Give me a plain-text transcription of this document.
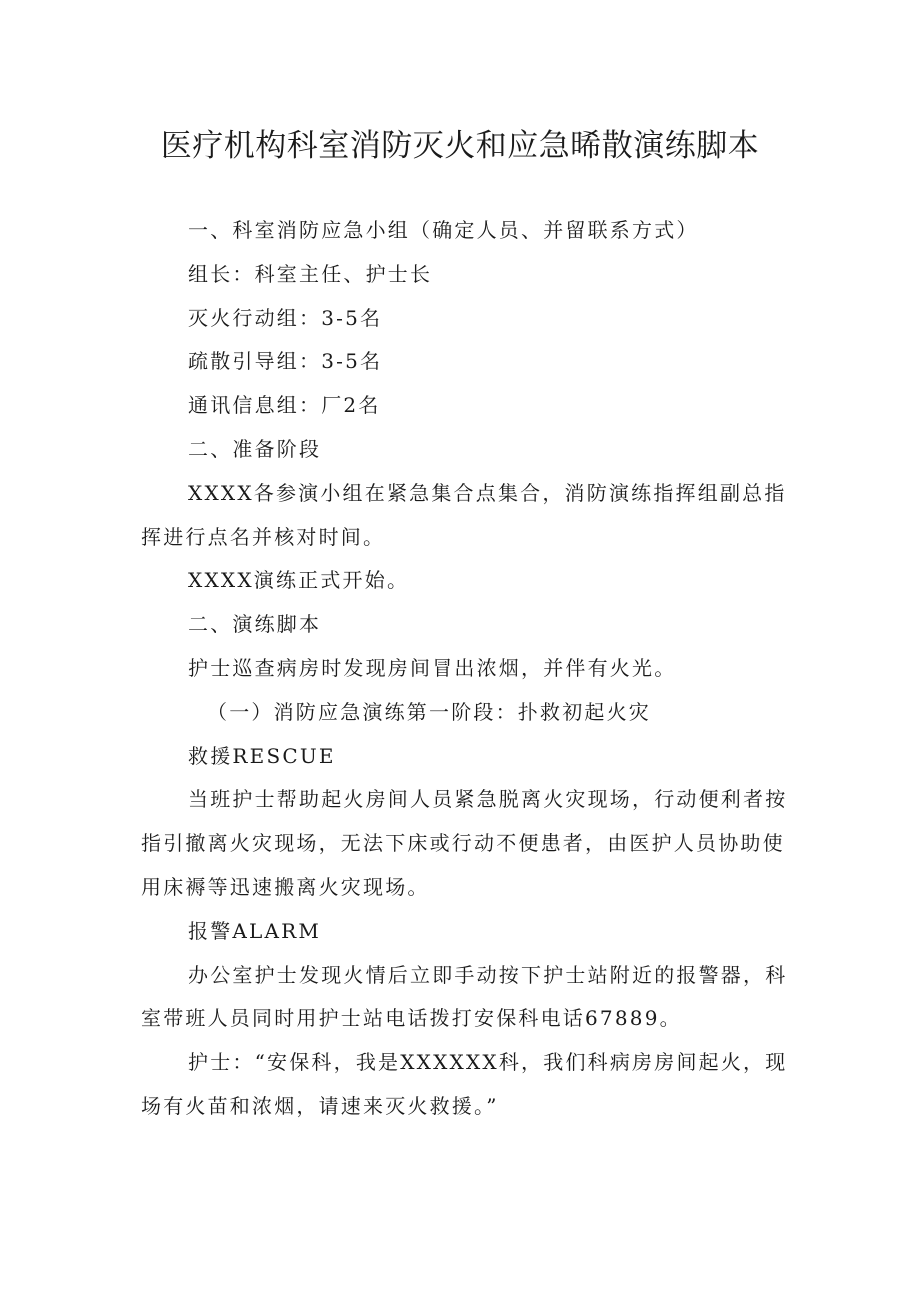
医疗机构科室消防灭火和应急晞散演练脚本

一、科室消防应急小组（确定人员、并留联系方式）

组长：科室主任、护士长

灭火行动组：3-5名

疏散引导组：3-5名

通讯信息组：厂2名

二、准备阶段

XXXX各参演小组在紧急集合点集合，消防演练指挥组副总指挥进行点名并核对时间。

XXXX演练正式开始。

二、演练脚本

护士巡查病房时发现房间冒出浓烟，并伴有火光。

（一）消防应急演练第一阶段：扑救初起火灾

救援RESCUE

当班护士帮助起火房间人员紧急脱离火灾现场，行动便利者按指引撤离火灾现场，无法下床或行动不便患者，由医护人员协助使用床褥等迅速搬离火灾现场。

报警ALARM

办公室护士发现火情后立即手动按下护士站附近的报警器，科室带班人员同时用护士站电话拨打安保科电话67889。

护士：“安保科，我是XXXXXX科，我们科病房房间起火，现场有火苗和浓烟，请速来灭火救援。”
